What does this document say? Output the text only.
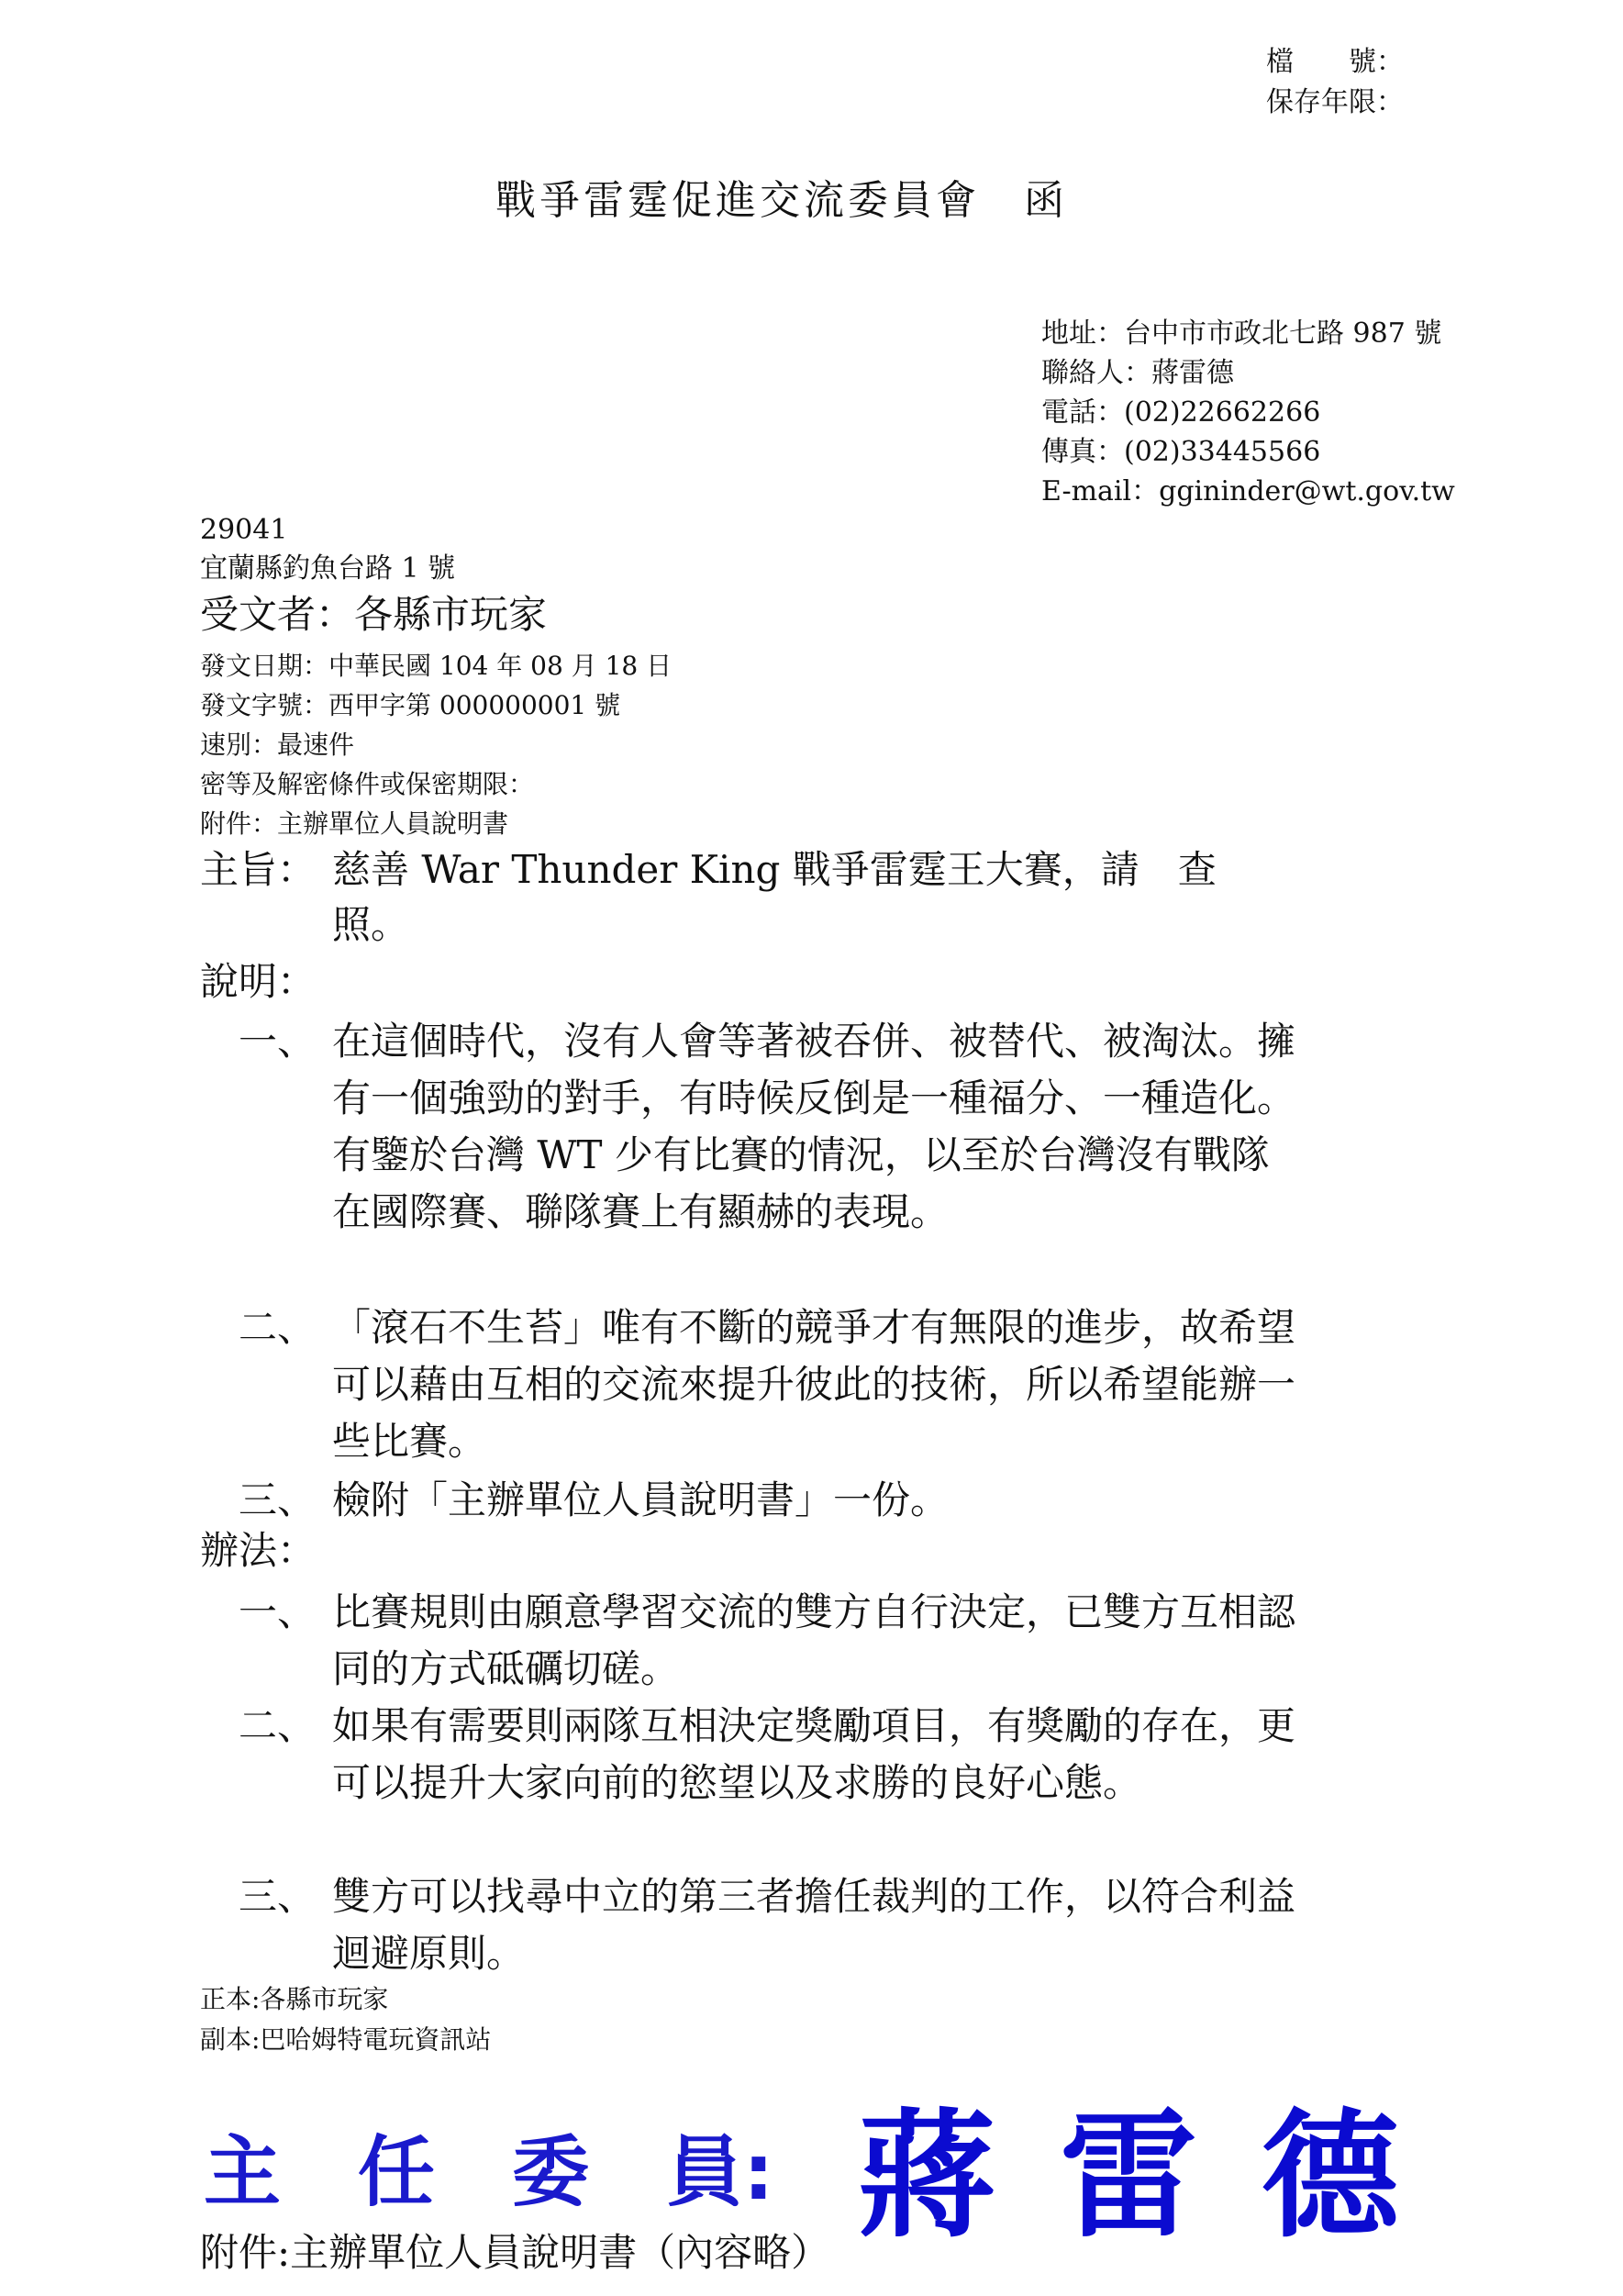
檔　　號：
保存年限：
戰爭雷霆促進交流委員會　函
地址：台中市市政北七路 987 號
聯絡人：蔣雷德
電話：(02)22662266
傳真：(02)33445566
E-mail：ggininder@wt.gov.tw
29041
宜蘭縣釣魚台路 1 號
受文者：各縣市玩家
發文日期：中華民國 104 年 08 月 18 日
發文字號：西甲字第 000000001 號
速別：最速件
密等及解密條件或保密期限：
附件：主辦單位人員說明書
主旨： 慈善 War Thunder King 戰爭雷霆王大賽，請　查
照。
說明：
一、 在這個時代，沒有人會等著被吞併、被替代、被淘汰。擁有一個強勁的對手，有時候反倒是一種福分、一種造化。有鑒於台灣 WT 少有比賽的情況，以至於台灣沒有戰隊在國際賽、聯隊賽上有顯赫的表現。
二、 「滾石不生苔」唯有不斷的競爭才有無限的進步，故希望可以藉由互相的交流來提升彼此的技術，所以希望能辦一些比賽。
三、 檢附「主辦單位人員說明書」一份。
辦法：
一、 比賽規則由願意學習交流的雙方自行決定，已雙方互相認同的方式砥礪切磋。
二、 如果有需要則兩隊互相決定獎勵項目，有獎勵的存在，更可以提升大家向前的慾望以及求勝的良好心態。
三、 雙方可以找尋中立的第三者擔任裁判的工作，以符合利益迴避原則。
正本:各縣市玩家
副本:巴哈姆特電玩資訊站
主　任　委　員: 蔣雷德
附件:主辦單位人員說明書（內容略）
